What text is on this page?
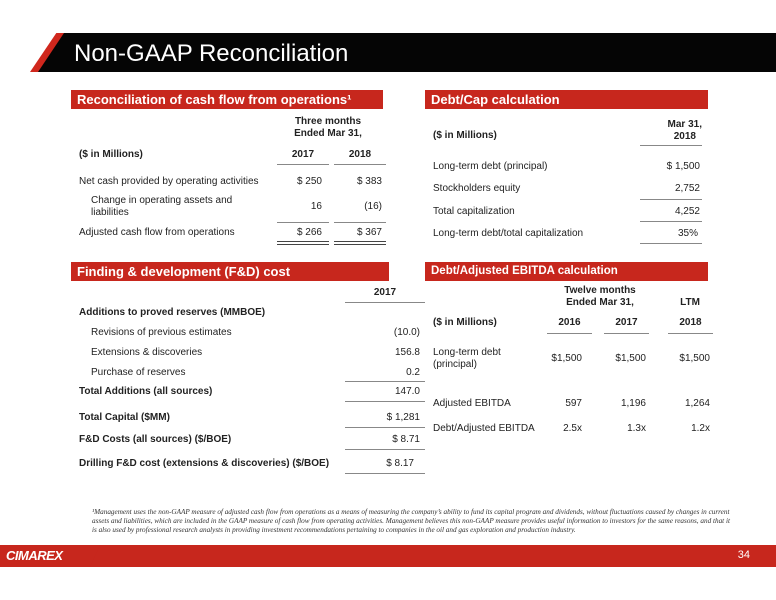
Non-GAAP Reconciliation
Reconciliation of cash flow from operations¹
Three months
Ended Mar 31,
($ in Millions)	2017	2018
Net cash provided by operating activities	$ 250	$ 383
Change in operating assets and
liabilities
16	(16)
Adjusted cash flow from operations	$ 266	$ 367
Debt/Cap calculation
Mar 31,
2018
($ in Millions)
Long-term debt (principal)	$ 1,500
Stockholders equity	2,752
Total capitalization	4,252
Long-term debt/total capitalization	35%
Finding & development (F&D) cost
2017
Additions to proved reserves (MMBOE)
Revisions of previous estimates	(10.0)
Extensions & discoveries	156.8
Purchase of reserves	0.2
Total Additions (all sources)	147.0
Total Capital ($MM)	$ 1,281
F&D Costs (all sources) ($/BOE)	$ 8.71
Drilling F&D cost (extensions & discoveries) ($/BOE)	$ 8.17
Debt/Adjusted EBITDA calculation
Twelve months
Ended Mar 31,	LTM
($ in Millions)	2016	2017	2018
Long-term debt
(principal)
$1,500	$1,500	$1,500
Adjusted EBITDA	597	1,196	1,264
Debt/Adjusted EBITDA	2.5x	1.3x	1.2x
¹Management uses the non-GAAP measure of adjusted cash flow from operations as a means of measuring the company’s ability to fund its capital program and dividends, without fluctuations caused by changes in current assets and liabilities, which are included in the GAAP measure of cash flow from operating activities. Management believes this non-GAAP measure provides useful information to investors for the same reasons, and that it is also used by professional research analysts in providing investment recommendations pertaining to companies in the oil and gas exploration and production industry.
CIMAREX	34
